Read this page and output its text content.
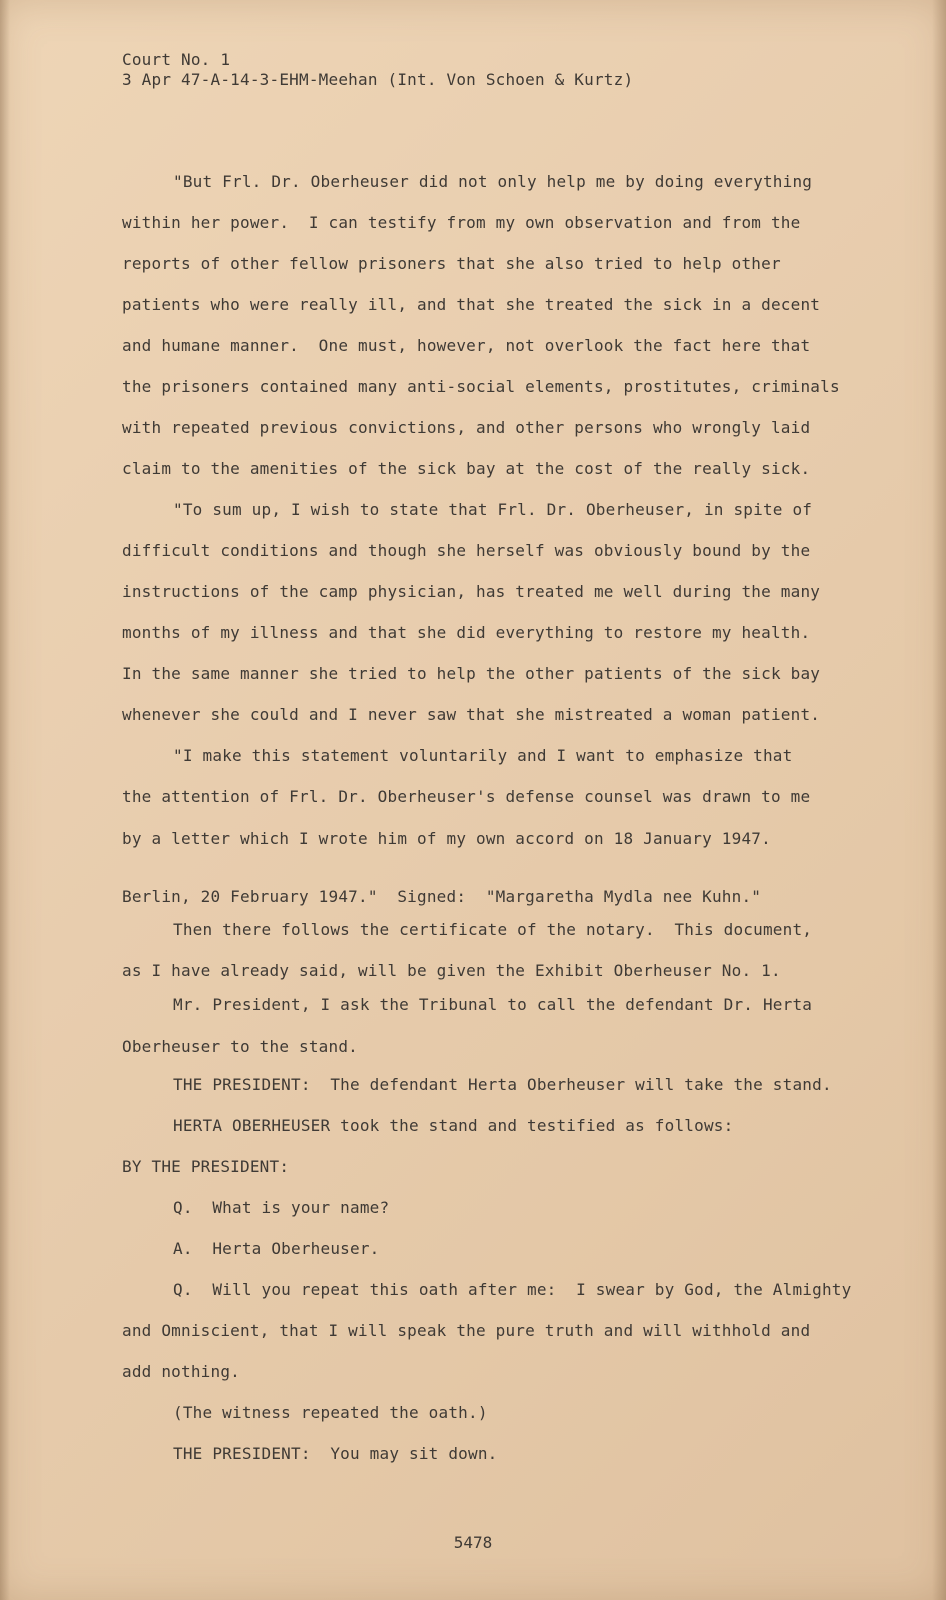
Court No. 1
3 Apr 47-A-14-3-EHM-Meehan (Int. Von Schoen & Kurtz)
"But Frl. Dr. Oberheuser did not only help me by doing everything
within her power.  I can testify from my own observation and from the
reports of other fellow prisoners that she also tried to help other
patients who were really ill, and that she treated the sick in a decent
and humane manner.  One must, however, not overlook the fact here that
the prisoners contained many anti-social elements, prostitutes, criminals
with repeated previous convictions, and other persons who wrongly laid
claim to the amenities of the sick bay at the cost of the really sick.
"To sum up, I wish to state that Frl. Dr. Oberheuser, in spite of
difficult conditions and though she herself was obviously bound by the
instructions of the camp physician, has treated me well during the many
months of my illness and that she did everything to restore my health.
In the same manner she tried to help the other patients of the sick bay
whenever she could and I never saw that she mistreated a woman patient.
"I make this statement voluntarily and I want to emphasize that
the attention of Frl. Dr. Oberheuser's defense counsel was drawn to me
by a letter which I wrote him of my own accord on 18 January 1947.
Berlin, 20 February 1947."  Signed:  "Margaretha Mydla nee Kuhn."
Then there follows the certificate of the notary.  This document,
as I have already said, will be given the Exhibit Oberheuser No. 1.
Mr. President, I ask the Tribunal to call the defendant Dr. Herta
Oberheuser to the stand.
THE PRESIDENT:  The defendant Herta Oberheuser will take the stand.
HERTA OBERHEUSER took the stand and testified as follows:
BY THE PRESIDENT:
Q.  What is your name?
A.  Herta Oberheuser.
Q.  Will you repeat this oath after me:  I swear by God, the Almighty
and Omniscient, that I will speak the pure truth and will withhold and
add nothing.
(The witness repeated the oath.)
THE PRESIDENT:  You may sit down.
5478
